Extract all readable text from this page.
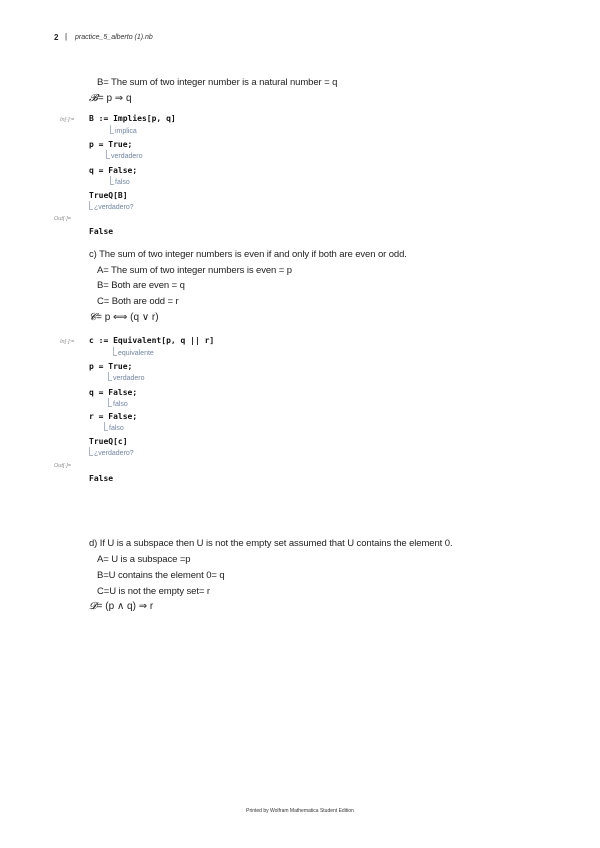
2 | practice_5_alberto (1).nb
B= The sum of two integer number is a natural number = q
𝓑= p ⇒ q
In[·]:= B := Implies[p, q]
implica
p = True;
verdadero
q = False;
falso
TrueQ[B]
¿verdadero?
Out[·]=
False
c) The sum of two integer numbers is even if and only if both are even or odd.
A= The sum of two integer numbers is even = p
B= Both are even = q
C= Both are odd = r
𝓒= p ⟺ (q ∨ r)
In[·]:= c := Equivalent[p, q || r]
equivalente
p = True;
verdadero
q = False;
falso
r = False;
falso
TrueQ[c]
¿verdadero?
Out[·]=
False
d) If U is a subspace then U is not the empty set assumed that U contains the element 0.
A= U is a subspace =p
B=U contains the element 0= q
C=U is not the empty set= r
𝓓= (p ∧ q) ⇒ r
Printed by Wolfram Mathematica Student Edition
